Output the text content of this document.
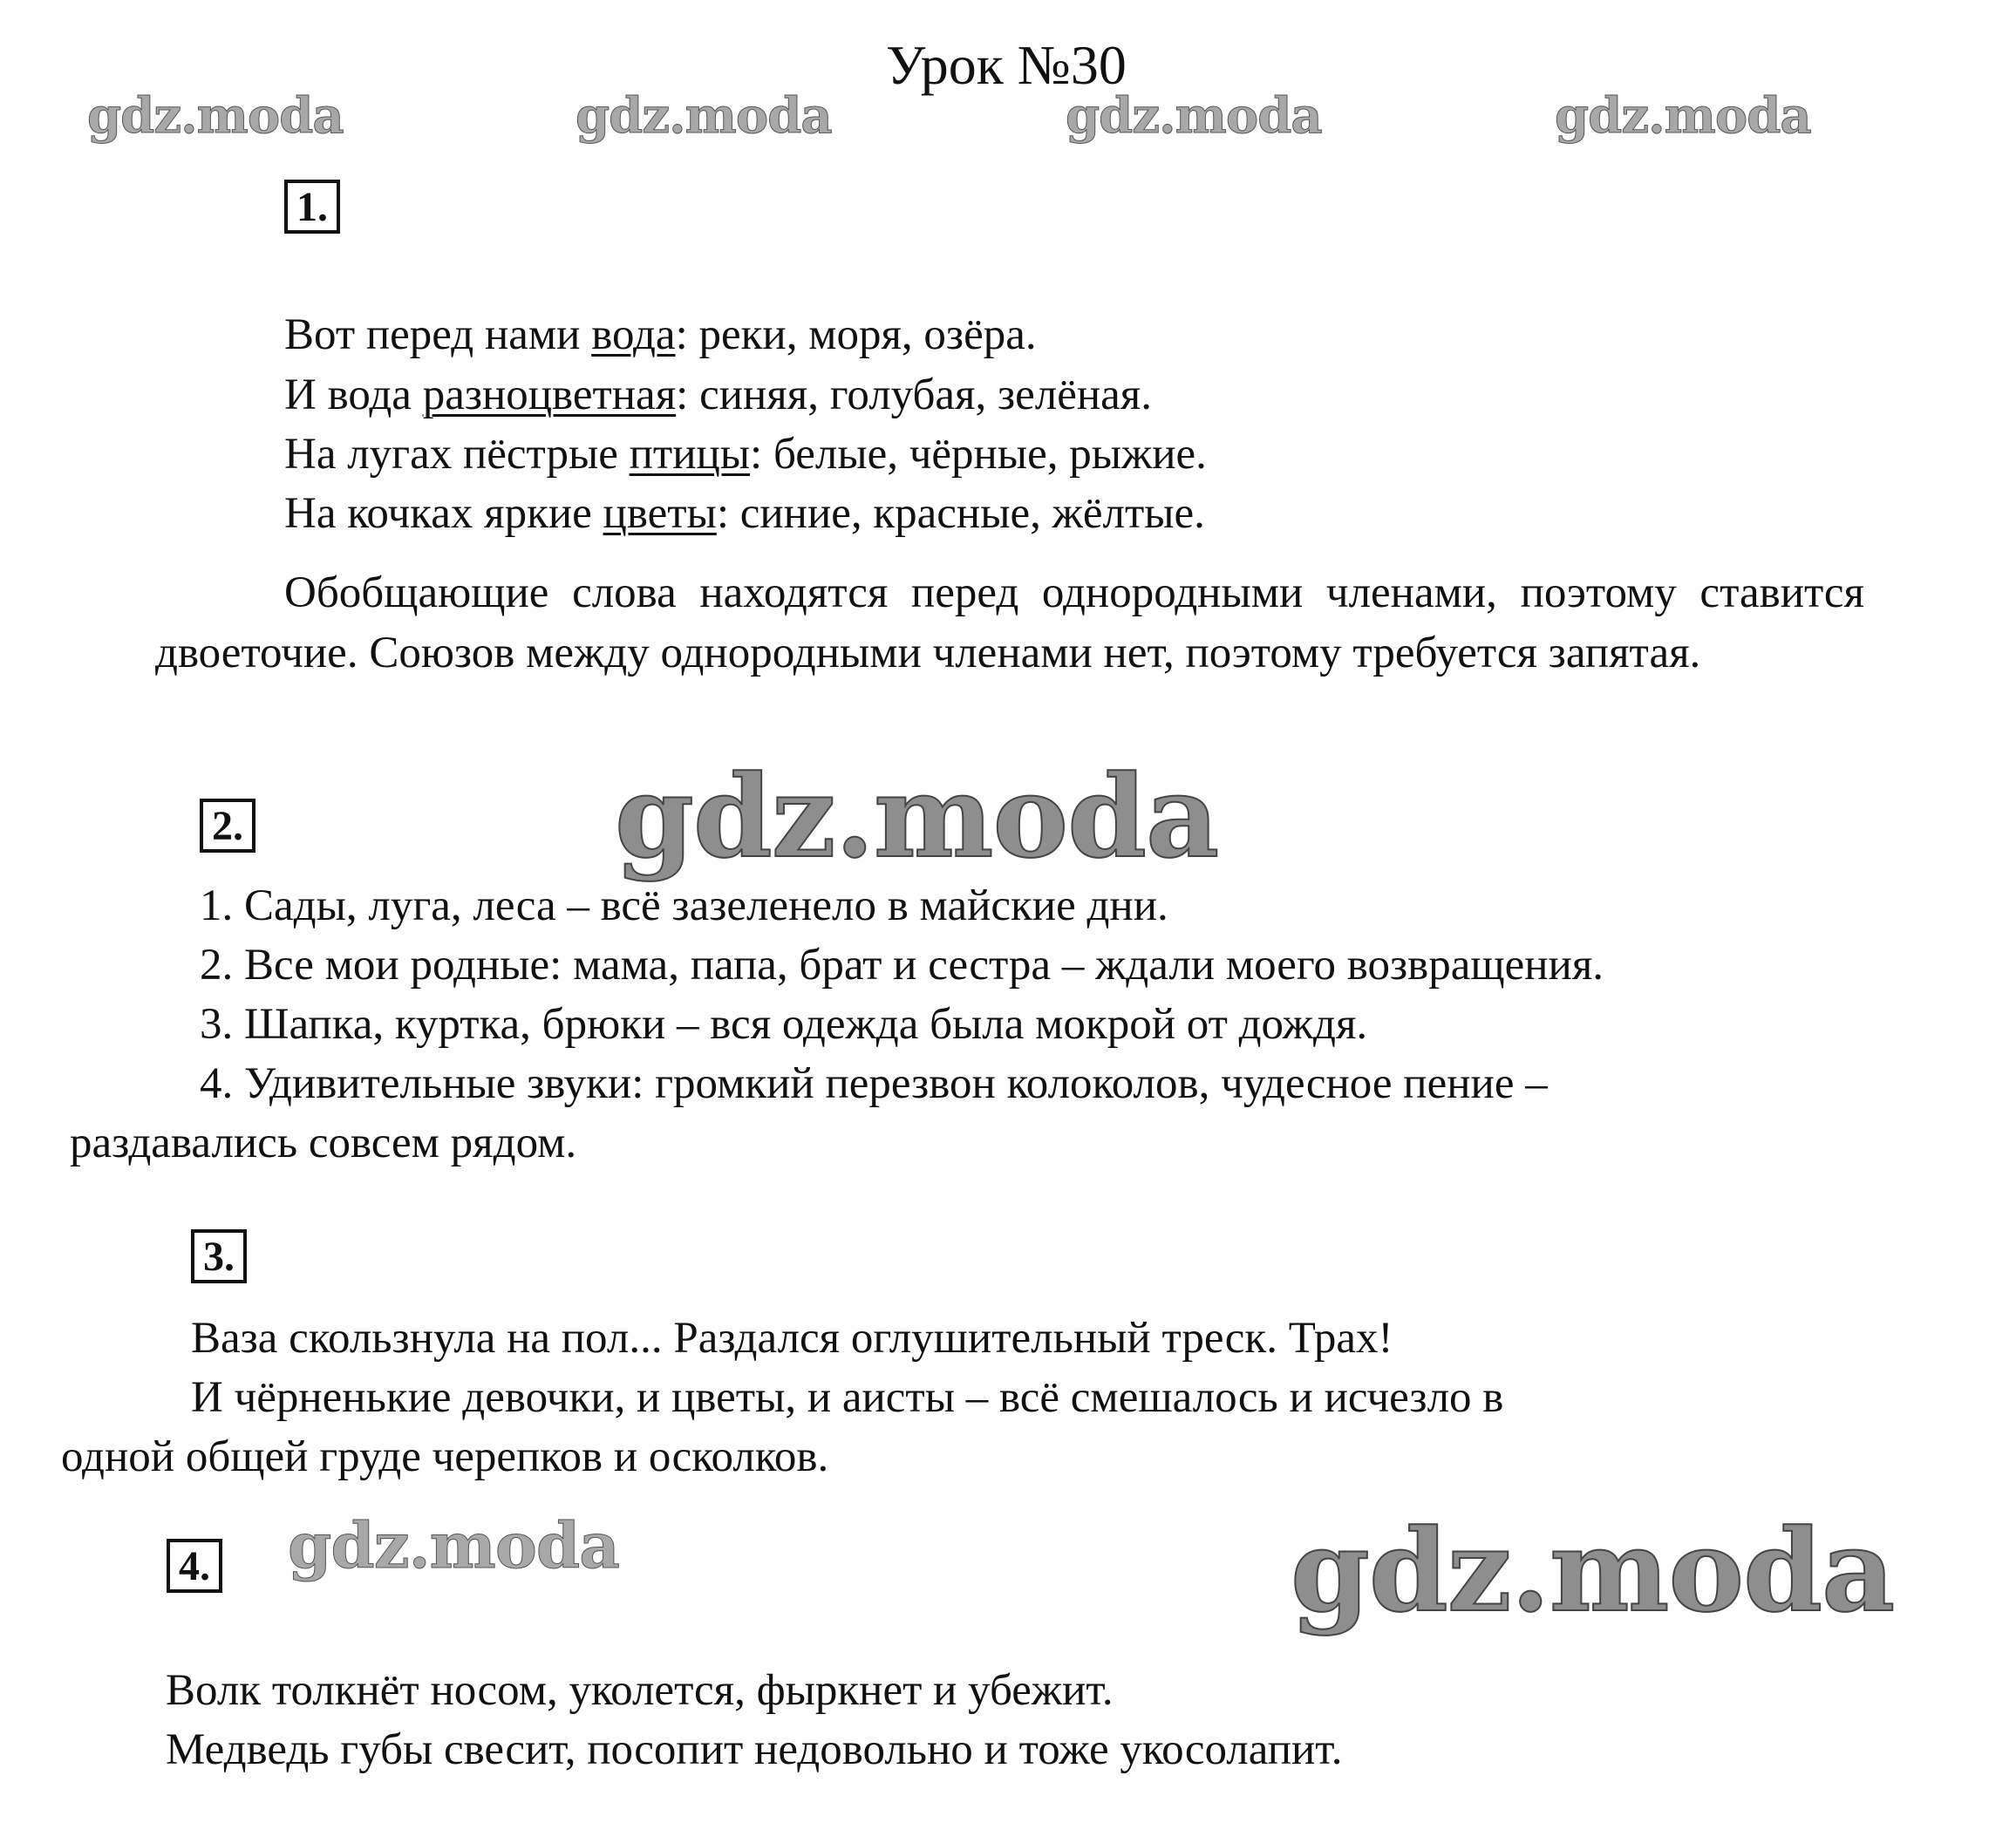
Урок №30
gdz.moda	gdz.moda	gdz.moda	gdz.moda
1.
Вот перед нами вода: реки, моря, озёра.
И вода разноцветная: синяя, голубая, зелёная.
На лугах пёстрые птицы: белые, чёрные, рыжие.
На кочках яркие цветы: синие, красные, жёлтые.
Обобщающие слова находятся перед однородными членами, поэтому ставится двоеточие. Союзов между однородными членами нет, поэтому требуется запятая.
2.	gdz.moda
1. Сады, луга, леса – всё зазеленело в майские дни.
2. Все мои родные: мама, папа, брат и сестра – ждали моего возвращения.
3. Шапка, куртка, брюки – вся одежда была мокрой от дождя.
4. Удивительные звуки: громкий перезвон колоколов, чудесное пение –
раздавались совсем рядом.
3.
Ваза скользнула на пол... Раздался оглушительный треск. Трах!
И чёрненькие девочки, и цветы, и аисты – всё смешалось и исчезло в
одной общей груде черепков и осколков.
4. gdz.moda	gdz.moda
Волк толкнёт носом, уколется, фыркнет и убежит.
Медведь губы свесит, посопит недовольно и тоже укосолапит.
